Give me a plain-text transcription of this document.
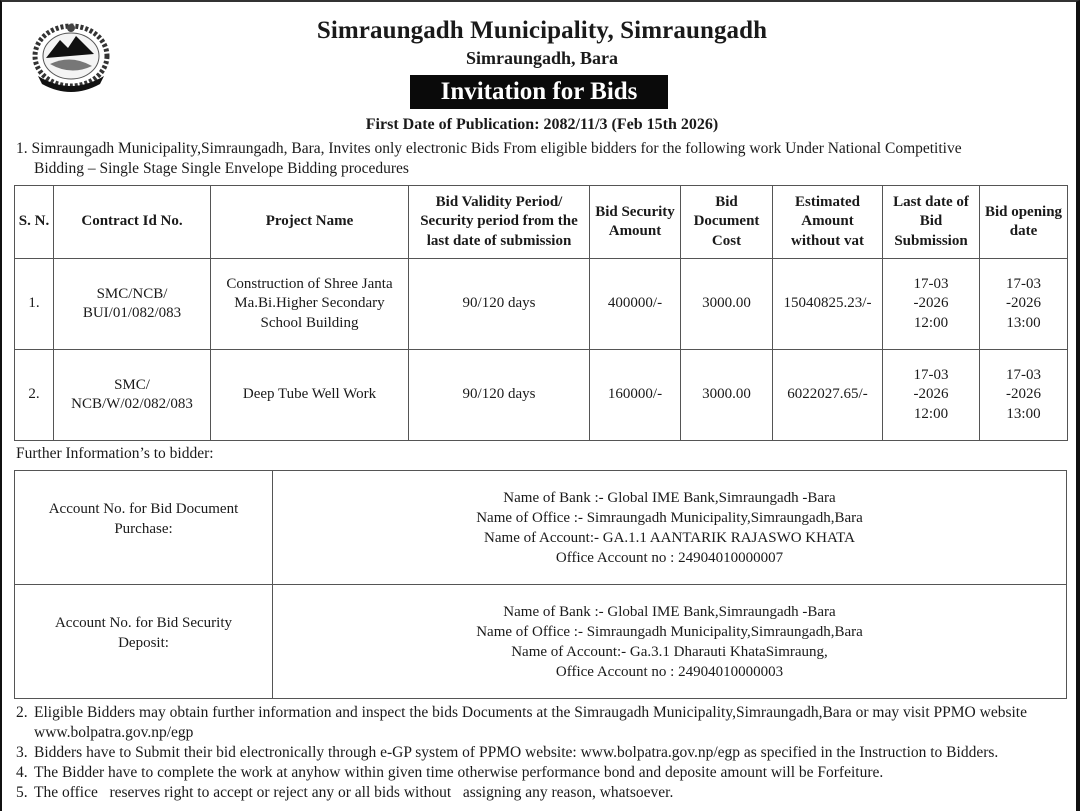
Simraungadh Municipality, Simraungadh
Simraungadh, Bara
Invitation for Bids
First Date of Publication: 2082/11/3 (Feb 15th 2026)
1. Simraungadh Municipality,Simraungadh, Bara, Invites only electronic Bids From eligible bidders for the following work Under National Competitive
Bidding – Single Stage Single Envelope Bidding procedures
S. N.	Contract Id No.	Project Name	Bid Validity Period/ Security period from the last date of submission	Bid Security Amount	Bid Document Cost	Estimated Amount without vat	Last date of Bid Submission	Bid opening date
1.	SMC/NCB/ BUI/01/082/083	Construction of Shree Janta Ma.Bi.Higher Secondary School Building	90/120 days	400000/-	3000.00	15040825.23/-	17-03 -2026 12:00	17-03 -2026 13:00
2.	SMC/ NCB/W/02/082/083	Deep Tube Well Work	90/120 days	160000/-	3000.00	6022027.65/-	17-03 -2026 12:00	17-03 -2026 13:00
Further Information’s to bidder:
Account No. for Bid Document Purchase:	Name of Bank :- Global IME Bank,Simraungadh -Bara
Name of Office :- Simraungadh Municipality,Simraungadh,Bara
Name of Account:- GA.1.1 AANTARIK RAJASWO KHATA
Office Account no : 24904010000007

Account No. for Bid Security Deposit:	Name of Bank :- Global IME Bank,Simraungadh -Bara
Name of Office :- Simraungadh Municipality,Simraungadh,Bara
Name of Account:- Ga.3.1 Dharauti KhataSimraung,
Office Account no : 24904010000003
2. Eligible Bidders may obtain further information and inspect the bids Documents at the Simraugadh Municipality,Simraungadh,Bara or may visit PPMO website www.bolpatra.gov.np/egp
3. Bidders have to Submit their bid electronically through e-GP system of PPMO website: www.bolpatra.gov.np/egp as specified in the Instruction to Bidders.
4. The Bidder have to complete the work at anyhow within given time otherwise performance bond and deposite amount will be Forfeiture.
5. The office   reserves right to accept or reject any or all bids without   assigning any reason, whatsoever.
